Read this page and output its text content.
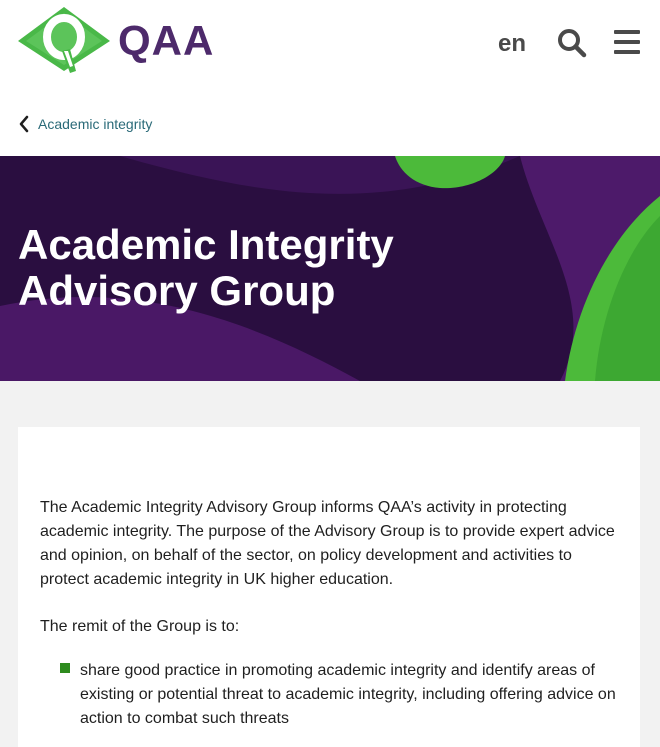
QAA	en
Academic integrity
Academic Integrity Advisory Group

The Academic Integrity Advisory Group informs QAA’s activity in protecting academic integrity. The purpose of the Advisory Group is to provide expert advice and opinion, on behalf of the sector, on policy development and activities to protect academic integrity in UK higher education.

The remit of the Group is to:

share good practice in promoting academic integrity and identify areas of existing or potential threat to academic integrity, including offering advice on action to combat such threats
